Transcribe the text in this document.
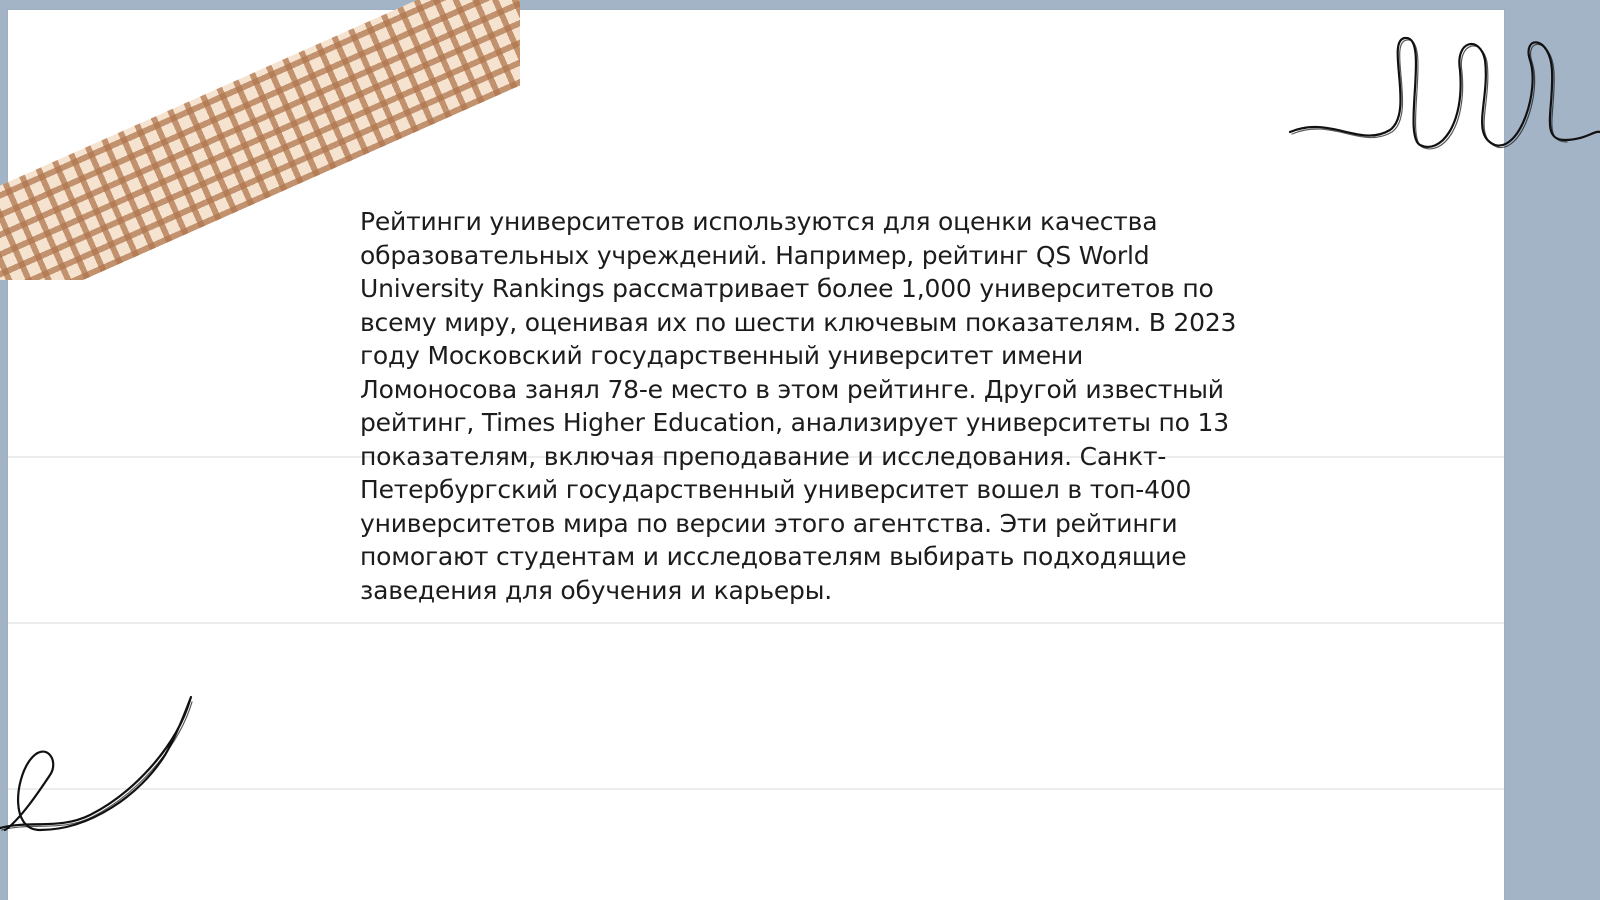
Рейтинги университетов используются для оценки качества образовательных учреждений. Например, рейтинг QS World University Rankings рассматривает более 1,000 университетов по всему миру, оценивая их по шести ключевым показателям. В 2023 году Московский государственный университет имени Ломоносова занял 78-е место в этом рейтинге. Другой известный рейтинг, Times Higher Education, анализирует университеты по 13 показателям, включая преподавание и исследования. Санкт-Петербургский государственный университет вошел в топ-400 университетов мира по версии этого агентства. Эти рейтинги помогают студентам и исследователям выбирать подходящие заведения для обучения и карьеры.
